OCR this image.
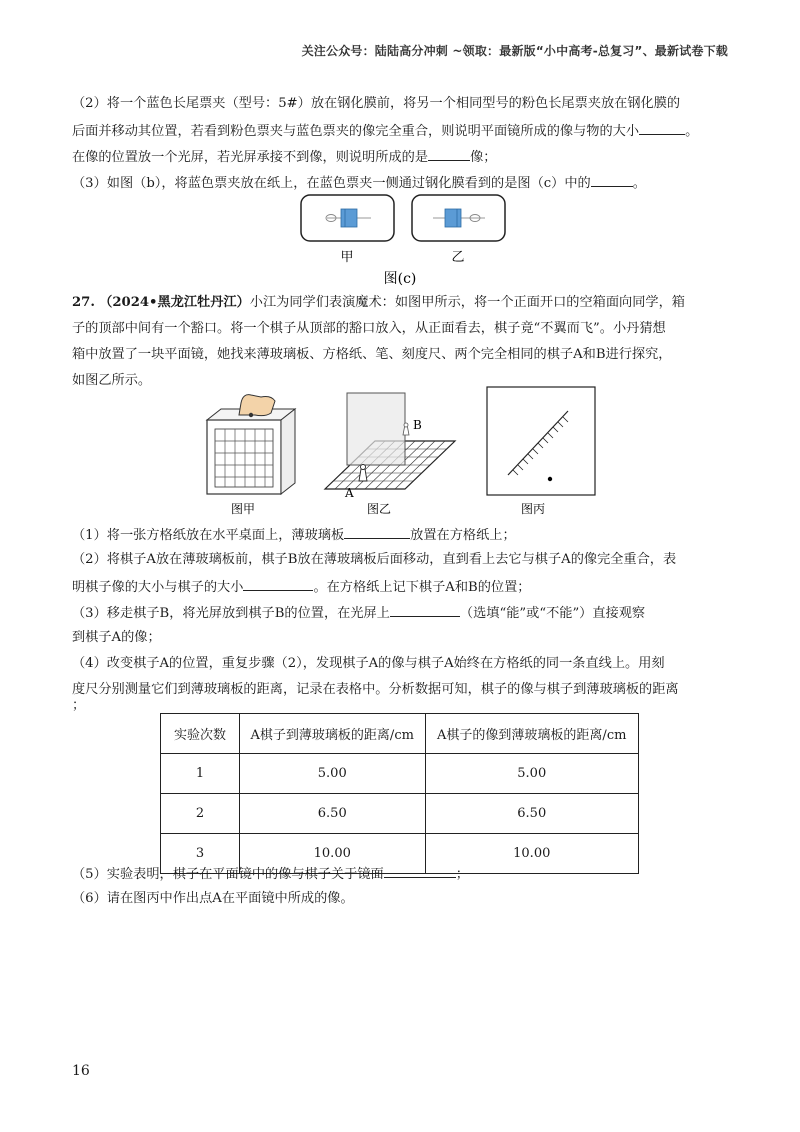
关注公众号：陆陆高分冲刺 ~领取：最新版“小中高考-总复习”、最新试卷下载
（2）将一个蓝色长尾票夹（型号：5#）放在钢化膜前，将另一个相同型号的粉色长尾票夹放在钢化膜的
后面并移动其位置，若看到粉色票夹与蓝色票夹的像完全重合，则说明平面镜所成的像与物的大小	。
在像的位置放一个光屏，若光屏承接不到像，则说明所成的是	像；
（3）如图（b），将蓝色票夹放在纸上，在蓝色票夹一侧通过钢化膜看到的是图（c）中的	。
甲	乙
图(c)
27. （2024•黑龙江牡丹江）小江为同学们表演魔术：如图甲所示，将一个正面开口的空箱面向同学，箱
子的顶部中间有一个豁口。将一个棋子从顶部的豁口放入，从正面看去，棋子竟“不翼而飞”。小丹猜想
箱中放置了一块平面镜，她找来薄玻璃板、方格纸、笔、刻度尺、两个完全相同的棋子A和B进行探究，
如图乙所示。
A
B
图甲	图乙	图丙
（1）将一张方格纸放在水平桌面上，薄玻璃板	放置在方格纸上；
（2）将棋子A放在薄玻璃板前，棋子B放在薄玻璃板后面移动，直到看上去它与棋子A的像完全重合，表
明棋子像的大小与棋子的大小	。在方格纸上记下棋子A和B的位置；
（3）移走棋子B，将光屏放到棋子B的位置，在光屏上	（选填“能”或“不能”）直接观察
到棋子A的像；
（4）改变棋子A的位置，重复步骤（2），发现棋子A的像与棋子A始终在方格纸的同一条直线上。用刻
度尺分别测量它们到薄玻璃板的距离，记录在表格中。分析数据可知，棋子的像与棋子到薄玻璃板的距离
；
实验次数	A棋子到薄玻璃板的距离/cm	A棋子的像到薄玻璃板的距离/cm
1	5.00	5.00
2	6.50	6.50
3	10.00	10.00
（5）实验表明，棋子在平面镜中的像与棋子关于镜面	；
（6）请在图丙中作出点A在平面镜中所成的像。
16
